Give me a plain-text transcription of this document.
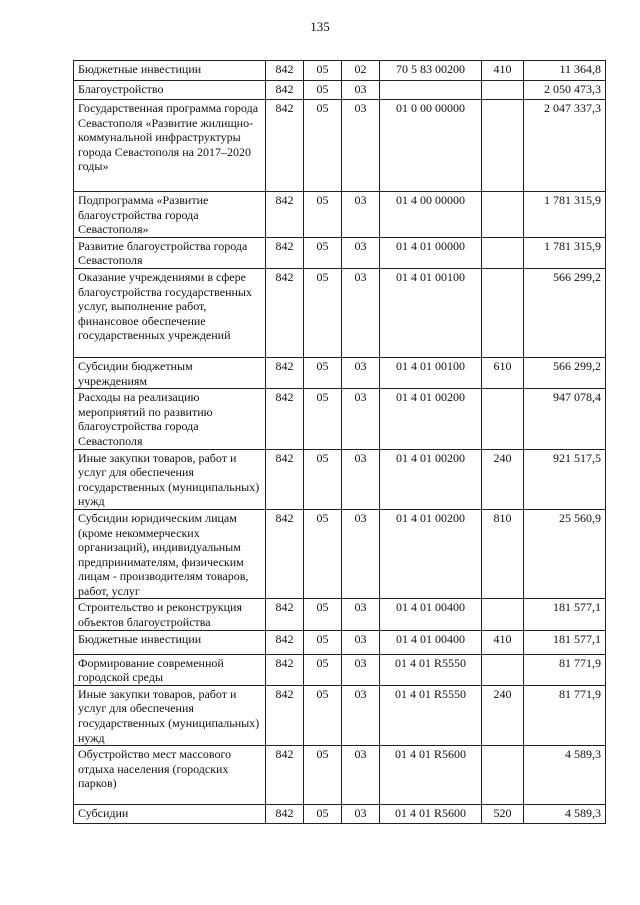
135
Бюджетные инвестиции	842	05	02	70 5 83 00200	410	11 364,8
Благоустройство	842	05	03			2 050 473,3
Государственная программа города Севастополя «Развитие жилищно-коммунальной инфраструктуры города Севастополя на 2017–2020 годы»	842	05	03	01 0 00 00000		2 047 337,3
Подпрограмма «Развитие благоустройства города Севастополя»	842	05	03	01 4 00 00000		1 781 315,9
Развитие благоустройства города Севастополя	842	05	03	01 4 01 00000		1 781 315,9
Оказание учреждениями в сфере благоустройства государственных услуг, выполнение работ, финансовое обеспечение государственных учреждений	842	05	03	01 4 01 00100		566 299,2
Субсидии бюджетным учреждениям	842	05	03	01 4 01 00100	610	566 299,2
Расходы на реализацию мероприятий по развитию благоустройства города Севастополя	842	05	03	01 4 01 00200		947 078,4
Иные закупки товаров, работ и услуг для обеспечения государственных (муниципальных) нужд	842	05	03	01 4 01 00200	240	921 517,5
Субсидии юридическим лицам (кроме некоммерческих организаций), индивидуальным предпринимателям, физическим лицам - производителям товаров, работ, услуг	842	05	03	01 4 01 00200	810	25 560,9
Строительство и реконструкция объектов благоустройства	842	05	03	01 4 01 00400		181 577,1
Бюджетные инвестиции	842	05	03	01 4 01 00400	410	181 577,1
Формирование современной городской среды	842	05	03	01 4 01 R5550		81 771,9
Иные закупки товаров, работ и услуг для обеспечения государственных (муниципальных) нужд	842	05	03	01 4 01 R5550	240	81 771,9
Обустройство мест массового отдыха населения (городских парков)	842	05	03	01 4 01 R5600		4 589,3
Субсидии	842	05	03	01 4 01 R5600	520	4 589,3
